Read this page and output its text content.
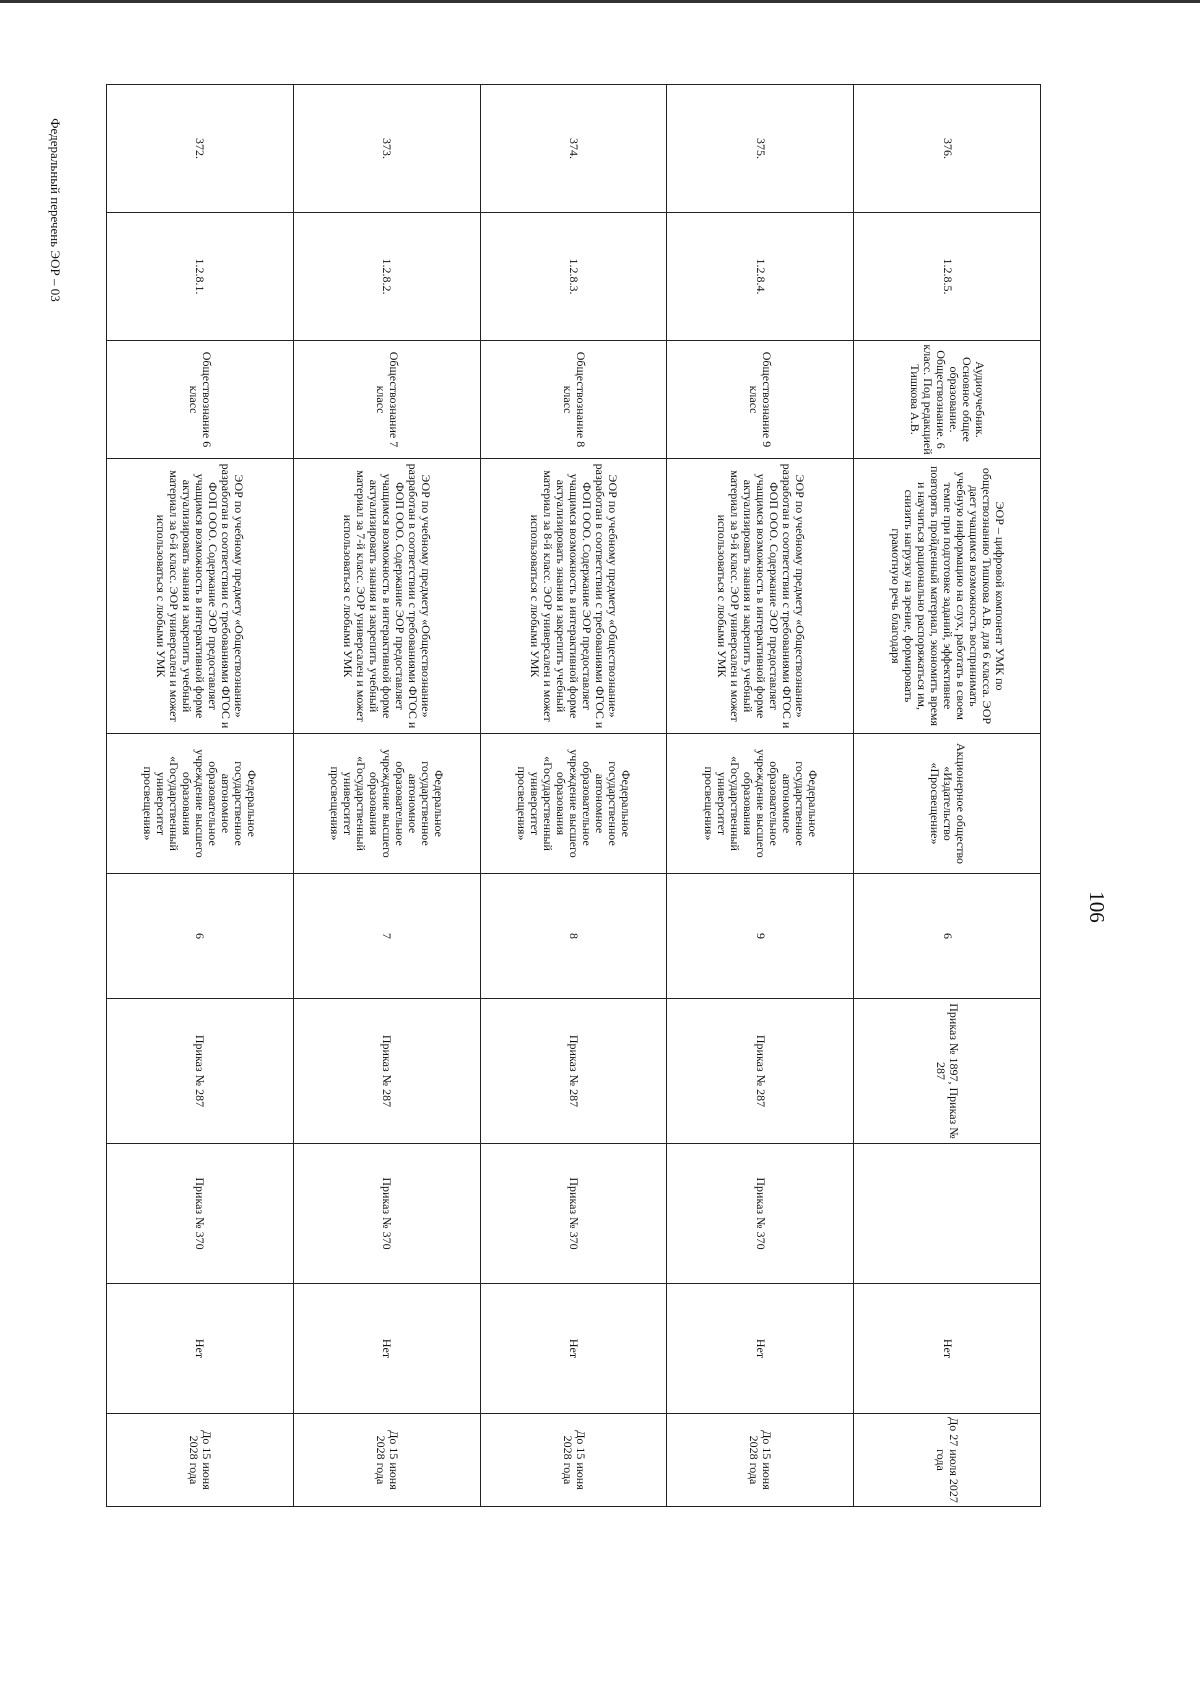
106
Федеральный перечень ЭОР – 03	376.	1.2.8.5.	Аудиоучебник. Основное общее образование. Обществознание. 6 класс. Под редакцией Тишкова А.В.	ЭОР – цифровой компонент УМК по обществознанию Тишкова А.В. для 6 класса. ЭОР дает учащимся возможность воспринимать учебную информацию на слух, работать в своем темпе при подготовке заданий, эффективнее повторять пройденный материал, экономить время и научиться рационально распоряжаться им, снизить нагрузку на зрение, формировать грамотную речь благодаря	Акционерное общество «Издательство «Просвещение»	6	Приказ № 1897, Приказ № 287		Нет	До 27 июля 2027 года
375.	1.2.8.4.	Обществознание 9 класс	ЭОР по учебному предмету «Обществознание» разработан в соответствии с требованиями ФГОС и ФОП ООО. Содержание ЭОР предоставляет учащимся возможность в интерактивной форме актуализировать знания и закрепить учебный материал за 9-й класс. ЭОР универсален и может использоваться с любыми УМК	Федеральное государственное автономное образовательное учреждение высшего образования «Государственный университет просвещения»	9	Приказ № 287	Приказ № 370	Нет	До 15 июня 2028 года
374.	1.2.8.3.	Обществознание 8 класс	ЭОР по учебному предмету «Обществознание» разработан в соответствии с требованиями ФГОС и ФОП ООО. Содержание ЭОР предоставляет учащимся возможность в интерактивной форме актуализировать знания и закрепить учебный материал за 8-й класс. ЭОР универсален и может использоваться с любыми УМК	Федеральное государственное автономное образовательное учреждение высшего образования «Государственный университет просвещения»	8	Приказ № 287	Приказ № 370	Нет	До 15 июня 2028 года
373.	1.2.8.2.	Обществознание 7 класс	ЭОР по учебному предмету «Обществознание» разработан в соответствии с требованиями ФГОС и ФОП ООО. Содержание ЭОР предоставляет учащимся возможность в интерактивной форме актуализировать знания и закрепить учебный материал за 7-й класс. ЭОР универсален и может использоваться с любыми УМК	Федеральное государственное автономное образовательное учреждение высшего образования «Государственный университет просвещения»	7	Приказ № 287	Приказ № 370	Нет	До 15 июня 2028 года
372.	1.2.8.1.	Обществознание 6 класс	ЭОР по учебному предмету «Обществознание» разработан в соответствии с требованиями ФГОС и ФОП ООО. Содержание ЭОР предоставляет учащимся возможность в интерактивной форме актуализировать знания и закрепить учебный материал за 6-й класс. ЭОР универсален и может использоваться с любыми УМК	Федеральное государственное автономное образовательное учреждение высшего образования «Государственный университет просвещения»	6	Приказ № 287	Приказ № 370	Нет	До 15 июня 2028 года
